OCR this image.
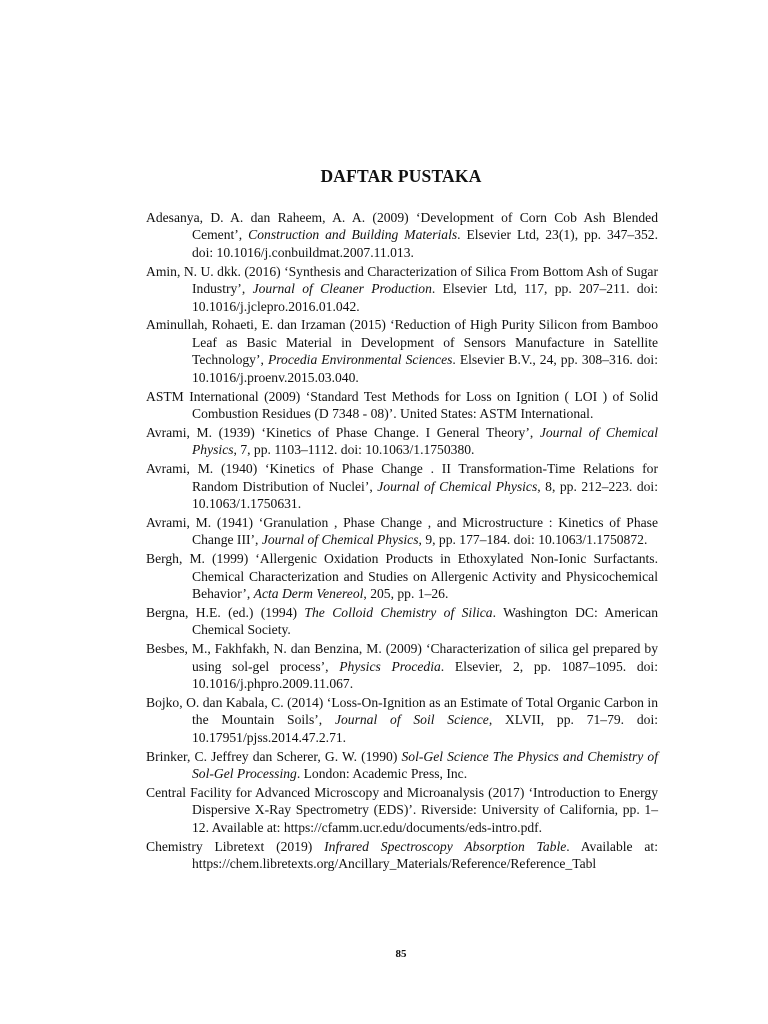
DAFTAR PUSTAKA

Adesanya, D. A. dan Raheem, A. A. (2009) ‘Development of Corn Cob Ash Blended Cement’, Construction and Building Materials. Elsevier Ltd, 23(1), pp. 347–352. doi: 10.1016/j.conbuildmat.2007.11.013.

Amin, N. U. dkk. (2016) ‘Synthesis and Characterization of Silica From Bottom Ash of Sugar Industry’, Journal of Cleaner Production. Elsevier Ltd, 117, pp. 207–211. doi: 10.1016/j.jclepro.2016.01.042.

Aminullah, Rohaeti, E. dan Irzaman (2015) ‘Reduction of High Purity Silicon from Bamboo Leaf as Basic Material in Development of Sensors Manufacture in Satellite Technology’, Procedia Environmental Sciences. Elsevier B.V., 24, pp. 308–316. doi: 10.1016/j.proenv.2015.03.040.

ASTM International (2009) ‘Standard Test Methods for Loss on Ignition ( LOI ) of Solid Combustion Residues (D 7348 - 08)’. United States: ASTM International.

Avrami, M. (1939) ‘Kinetics of Phase Change. I General Theory’, Journal of Chemical Physics, 7, pp. 1103–1112. doi: 10.1063/1.1750380.

Avrami, M. (1940) ‘Kinetics of Phase Change . II Transformation-Time Relations for Random Distribution of Nuclei’, Journal of Chemical Physics, 8, pp. 212–223. doi: 10.1063/1.1750631.

Avrami, M. (1941) ‘Granulation , Phase Change , and Microstructure : Kinetics of Phase Change III’, Journal of Chemical Physics, 9, pp. 177–184. doi: 10.1063/1.1750872.

Bergh, M. (1999) ‘Allergenic Oxidation Products in Ethoxylated Non-Ionic Surfactants. Chemical Characterization and Studies on Allergenic Activity and Physicochemical Behavior’, Acta Derm Venereol, 205, pp. 1–26.

Bergna, H.E. (ed.) (1994) The Colloid Chemistry of Silica. Washington DC: American Chemical Society.

Besbes, M., Fakhfakh, N. dan Benzina, M. (2009) ‘Characterization of silica gel prepared by using sol-gel process’, Physics Procedia. Elsevier, 2, pp. 1087–1095. doi: 10.1016/j.phpro.2009.11.067.

Bojko, O. dan Kabala, C. (2014) ‘Loss-On-Ignition as an Estimate of Total Organic Carbon in the Mountain Soils’, Journal of Soil Science, XLVII, pp. 71–79. doi: 10.17951/pjss.2014.47.2.71.

Brinker, C. Jeffrey dan Scherer, G. W. (1990) Sol-Gel Science The Physics and Chemistry of Sol-Gel Processing. London: Academic Press, Inc.

Central Facility for Advanced Microscopy and Microanalysis (2017) ‘Introduction to Energy Dispersive X-Ray Spectrometry (EDS)’. Riverside: University of California, pp. 1–12. Available at: https://cfamm.ucr.edu/documents/eds-intro.pdf.

Chemistry Libretext (2019) Infrared Spectroscopy Absorption Table. Available at: https://chem.libretexts.org/Ancillary_Materials/Reference/Reference_Tabl

85
